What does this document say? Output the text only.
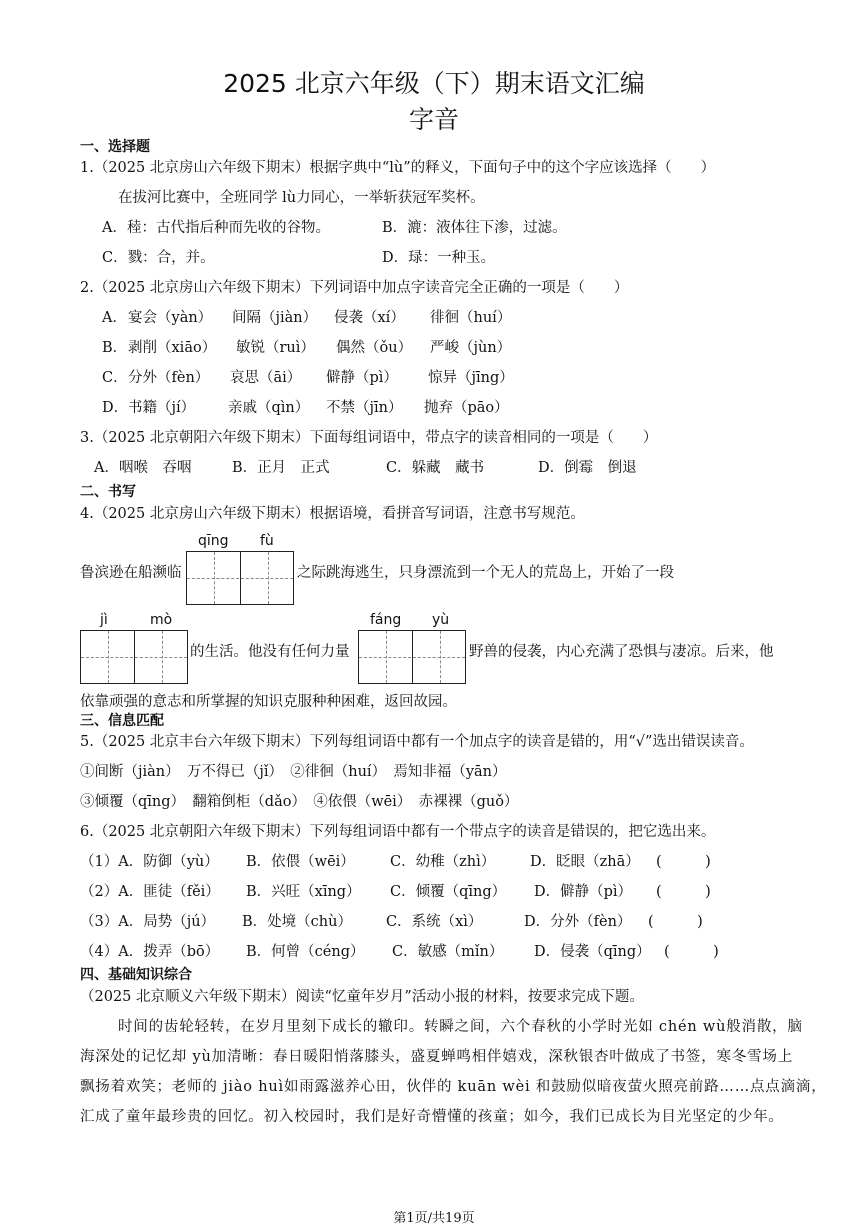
2025 北京六年级（下）期末语文汇编
字音
一、选择题
1.（2025 北京房山六年级下期末）根据字典中“lù”的释义，下面句子中的这个字应该选择（　　）
在拔河比赛中，全班同学 lù力同心，一举斩获冠军奖杯。
A．稑：古代指后种而先收的谷物。	B．漉：液体往下渗，过滤。
C．戮：合，并。	D．琭：一种玉。
2.（2025 北京房山六年级下期末）下列词语中加点字读音完全正确的一项是（　　）
A． 宴会（yàn） 间隔（jiàn） 侵袭（xí） 徘徊（huí）
B． 剥削（xiāo） 敏锐（ruì） 偶然（ǒu） 严峻（jùn）
C． 分外（fèn） 哀思（āi） 僻静（pì） 惊异（jīng）
D． 书籍（jí） 亲戚（qìn） 不禁（jīn） 抛弃（pāo）
3.（2025 北京朝阳六年级下期末）下面每组词语中，带点字的读音相同的一项是（　　）
A．咽喉　吞咽	B．正月　正式	C．躲藏　藏书	D．倒霉　倒退
二、书写
4.（2025 北京房山六年级下期末）根据语境，看拼音写词语，注意书写规范。
qīng fù
鲁滨逊在船濒临	之际跳海逃生，只身漂流到一个无人的荒岛上，开始了一段
jì	mò
的生活。他没有任何力量
fáng yù
野兽的侵袭，内心充满了恐惧与凄凉。后来，他
依靠顽强的意志和所掌握的知识克服种种困难，返回故园。
三、信息匹配
5.（2025 北京丰台六年级下期末）下列每组词语中都有一个加点字的读音是错的，用“√”选出错误读音。
①间断（jiàn）　万不得已（jǐ）　②徘徊（huí）　焉知非福（yān）
③倾覆（qīng）　翻箱倒柜（dǎo）　④依偎（wēi）　赤裸裸（guǒ）
6.（2025 北京朝阳六年级下期末）下列每组词语中都有一个带点字的读音是错误的，把它选出来。
（1）A．防御（yù） B．依偎（wēi） C．幼稚（zhì） D．眨眼（zhā） (　　　)
（2）A．匪徒（fěi） B．兴旺（xīng） C．倾覆（qīng） D．僻静（pì） (　　　)
（3）A．局势（jú） B．处境（chù） C．系统（xì）	D．分外（fèn） (　　　)
（4）A．拨弄（bō） B．何曾（céng） C．敏感（mǐn） D．侵袭（qīng） (　　　)
四、基础知识综合
（2025 北京顺义六年级下期末）阅读“忆童年岁月”活动小报的材料，按要求完成下题。
时间的齿轮轻转，在岁月里刻下成长的辙印。转瞬之间，六个春秋的小学时光如 chén wù般消散，脑
海深处的记忆却 yù加清晰：春日暖阳悄落膝头，盛夏蝉鸣相伴嬉戏，深秋银杏叶做成了书签，寒冬雪场上
飘扬着欢笑；老师的 jiào huì如雨露滋养心田，伙伴的 kuān wèi 和鼓励似暗夜萤火照亮前路……点点滴滴，
汇成了童年最珍贵的回忆。初入校园时，我们是好奇懵懂的孩童；如今，我们已成长为目光坚定的少年。
第1页/共19页
